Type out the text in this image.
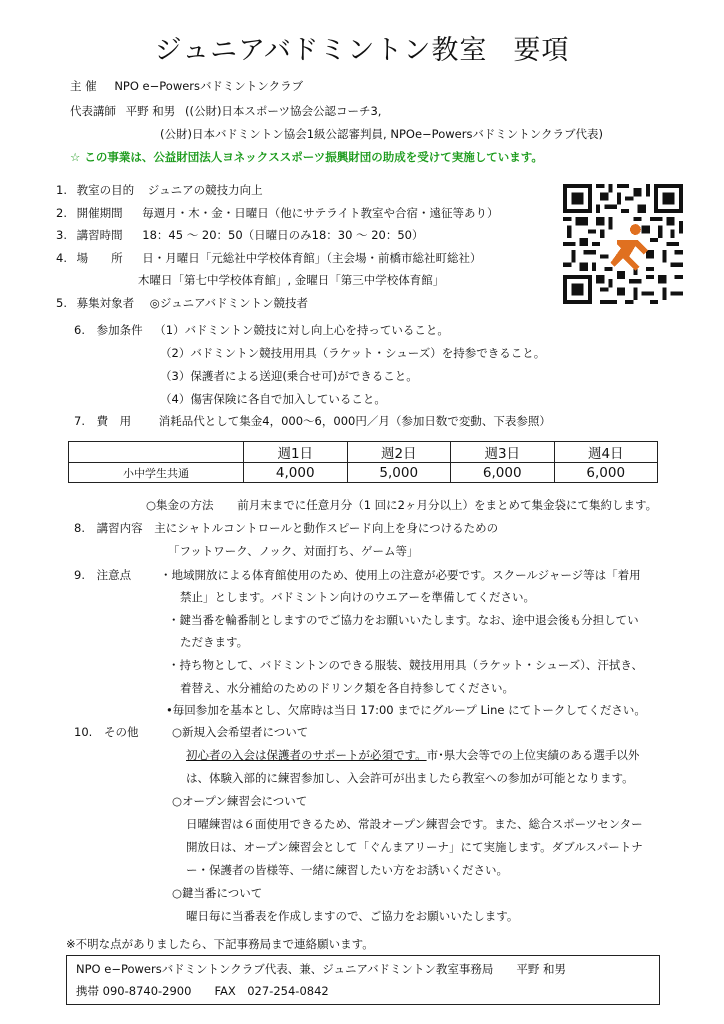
ジュニアバドミントン教室 要項
主 催 NPO e−Powersバドミントンクラブ
代表講師 平野 和男 ((公財)日本スポーツ協会公認コーチ3,
(公財)日本バドミントン協会1級公認審判員, NPOe−Powersバドミントンクラブ代表)
☆ この事業は、公益財団法人ヨネックススポーツ振興財団の助成を受けて実施しています。
1. 教室の目的 ジュニアの競技力向上
2. 開催期間 毎週月・木・金・日曜日（他にサテライト教室や合宿・遠征等あり）
3. 講習時間 18：45 〜 20：50（日曜日のみ18：30 〜 20：50）
4. 場　　所 日・月曜日「元総社中学校体育館」（主会場・前橋市総社町総社）
木曜日「第七中学校体育館」, 金曜日「第三中学校体育館」
5. 募集対象者 ◎ジュニアバドミントン競技者
6. 参加条件 （1）バドミントン競技に対し向上心を持っていること。
（2）バドミントン競技用用具（ラケット・シューズ）を持参できること。
（3）保護者による送迎(乗合せ可)ができること。
（4）傷害保険に各自で加入していること。
7. 費　用 消耗品代として集金4，000〜6，000円／月（参加日数で変動、下表参照）
	週1日	週2日	週3日	週4日
小中学生共通	4,000	5,000	6,000	6,000
○集金の方法 前月末までに任意月分（1 回に2ヶ月分以上）をまとめて集金袋にて集約します。
8. 講習内容 主にシャトルコントロールと動作スピード向上を身につけるための
「フットワーク、ノック、対面打ち、ゲーム等」
9. 注意点	・地域開放による体育館使用のため、使用上の注意が必要です。スクールジャージ等は「着用
禁止」とします。バドミントン向けのウエアーを準備してください。
・鍵当番を輪番制としますのでご協力をお願いいたします。なお、途中退会後も分担してい
ただきます。
・持ち物として、バドミントンのできる服装、競技用用具（ラケット・シューズ）、汗拭き、
着替え、水分補給のためのドリンク類を各自持参してください。
•毎回参加を基本とし、欠席時は当日 17:00 までにグループ Line にてトークしてください。
10. その他	○新規入会希望者について
初心者の入会は保護者のサポートが必須です。市･県大会等での上位実績のある選手以外
は、体験入部的に練習参加し、入会許可が出ましたら教室への参加が可能となります。
○オープン練習会について
日曜練習は６面使用できるため、常設オープン練習会です。また、総合スポーツセンター
開放日は、オープン練習会として「ぐんまアリーナ」にて実施します。ダブルスパートナ
ー・保護者の皆様等、一緒に練習したい方をお誘いください。
○鍵当番について
曜日毎に当番表を作成しますので、ご協力をお願いいたします。
※不明な点がありましたら、下記事務局まで連絡願います。
NPO e−Powersバドミントンクラブ代表、兼、ジュニアバドミントン教室事務局　　平野 和男
携帯 090-8740-2900　　FAX　027-254-0842
